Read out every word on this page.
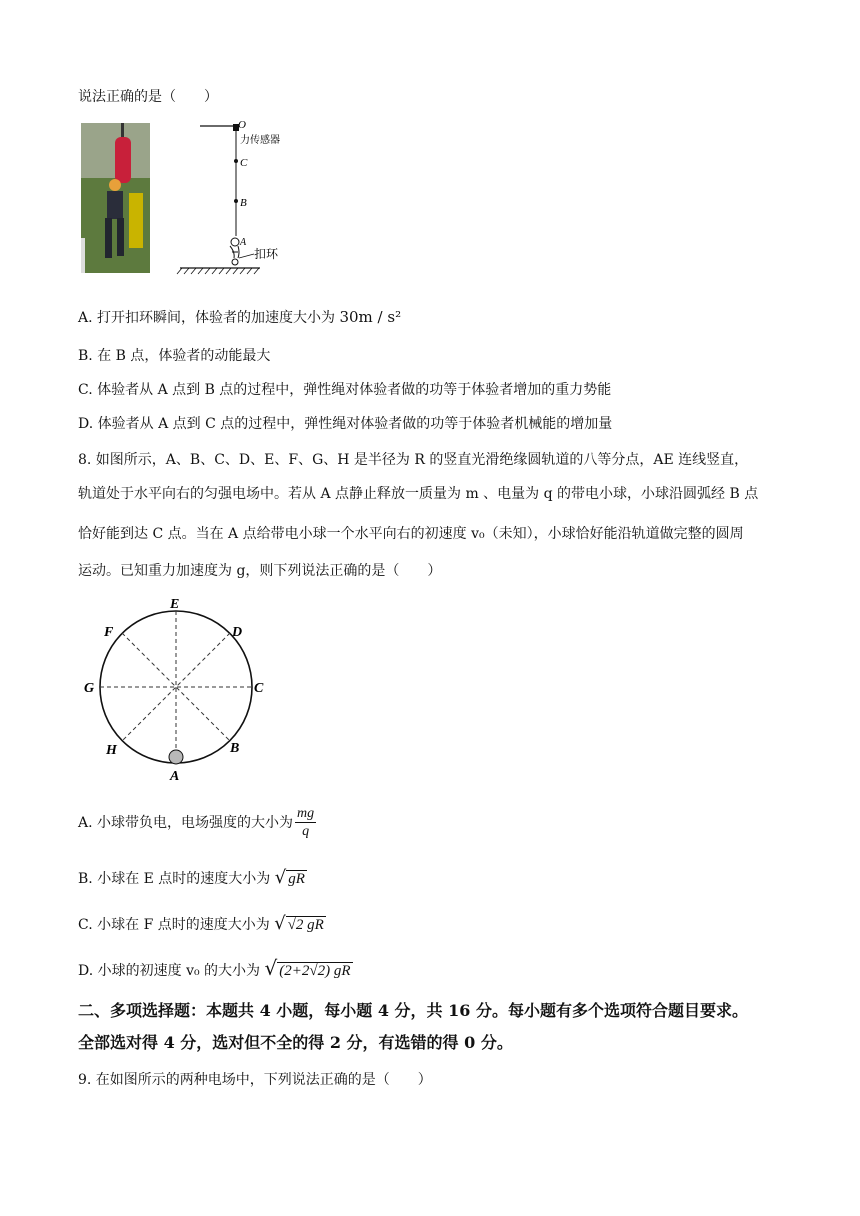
说法正确的是（　　）
O
力传感器
C
B
A
扣环
A. 打开扣环瞬间，体验者的加速度大小为 30m / s²
B. 在 B 点，体验者的动能最大
C. 体验者从 A 点到 B 点的过程中，弹性绳对体验者做的功等于体验者增加的重力势能
D. 体验者从 A 点到 C 点的过程中，弹性绳对体验者做的功等于体验者机械能的增加量
8. 如图所示，A、B、C、D、E、F、G、H 是半径为 R 的竖直光滑绝缘圆轨道的八等分点，AE 连线竖直，
轨道处于水平向右的匀强电场中。若从 A 点静止释放一质量为 m 、电量为 q 的带电小球，小球沿圆弧经 B 点
恰好能到达 C 点。当在 A 点给带电小球一个水平向右的初速度 v₀（未知），小球恰好能沿轨道做完整的圆周
运动。已知重力加速度为 g，则下列说法正确的是（　　）
E
D
C
B
A
H
G
F
A. 小球带负电，电场强度的大小为 $\frac{mg}{q}$
B. 小球在 E 点时的速度大小为 √ gR
C. 小球在 F 点时的速度大小为 √ √2 gR
D. 小球的初速度 v₀ 的大小为 √ (2+2√2) gR
二、多项选择题：本题共 4 小题，每小题 4 分，共 16 分。每小题有多个选项符合题目要求。
全部选对得 4 分，选对但不全的得 2 分，有选错的得 0 分。
9. 在如图所示的两种电场中，下列说法正确的是（　　）
